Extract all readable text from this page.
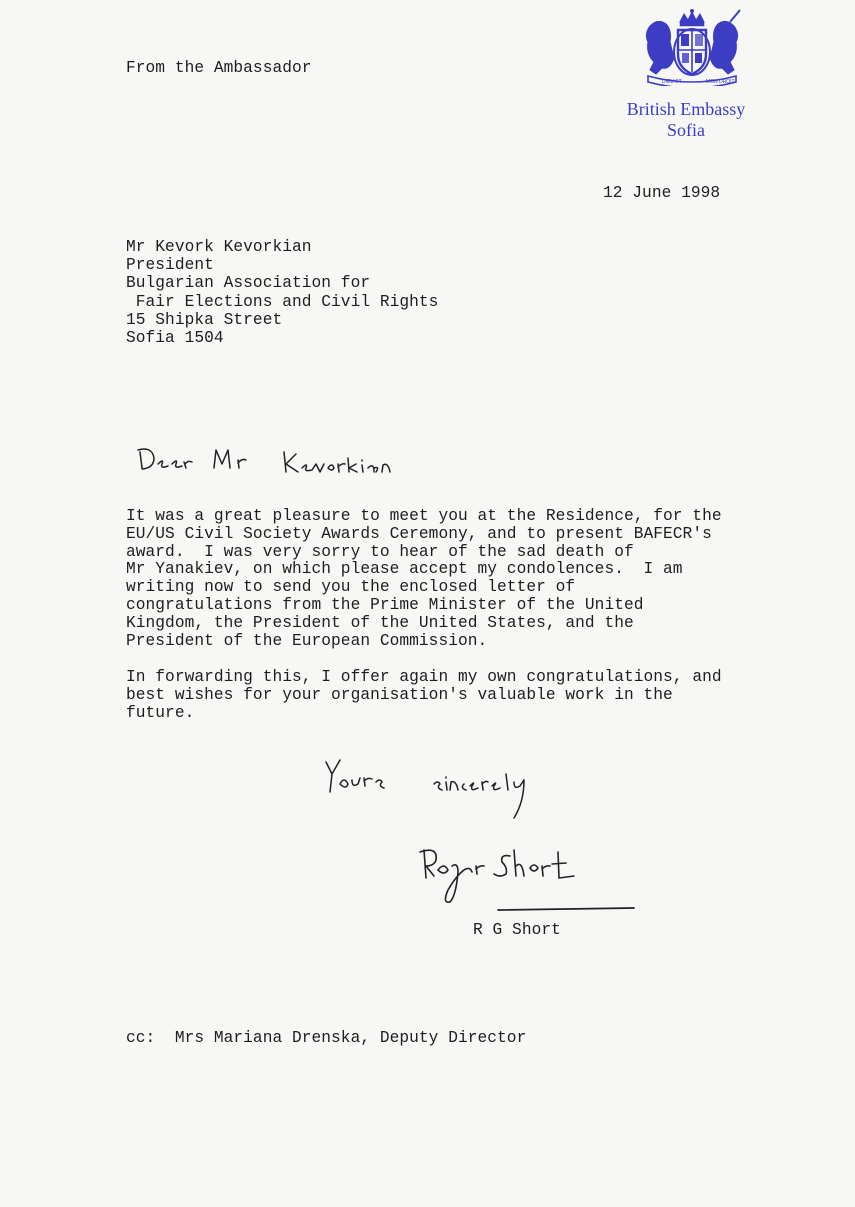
From the Ambassador
DIEU ET	MON DROIT
British Embassy
Sofia
12 June 1998
Mr Kevork Kevorkian
President
Bulgarian Association for
Fair Elections and Civil Rights
15 Shipka Street
Sofia 1504
It was a great pleasure to meet you at the Residence, for the
EU/US Civil Society Awards Ceremony, and to present BAFECR's
award.  I was very sorry to hear of the sad death of
Mr Yanakiev, on which please accept my condolences.  I am
writing now to send you the enclosed letter of
congratulations from the Prime Minister of the United
Kingdom, the President of the United States, and the
President of the European Commission.
In forwarding this, I offer again my own congratulations, and
best wishes for your organisation's valuable work in the
future.
R G Short
cc:  Mrs Mariana Drenska, Deputy Director
